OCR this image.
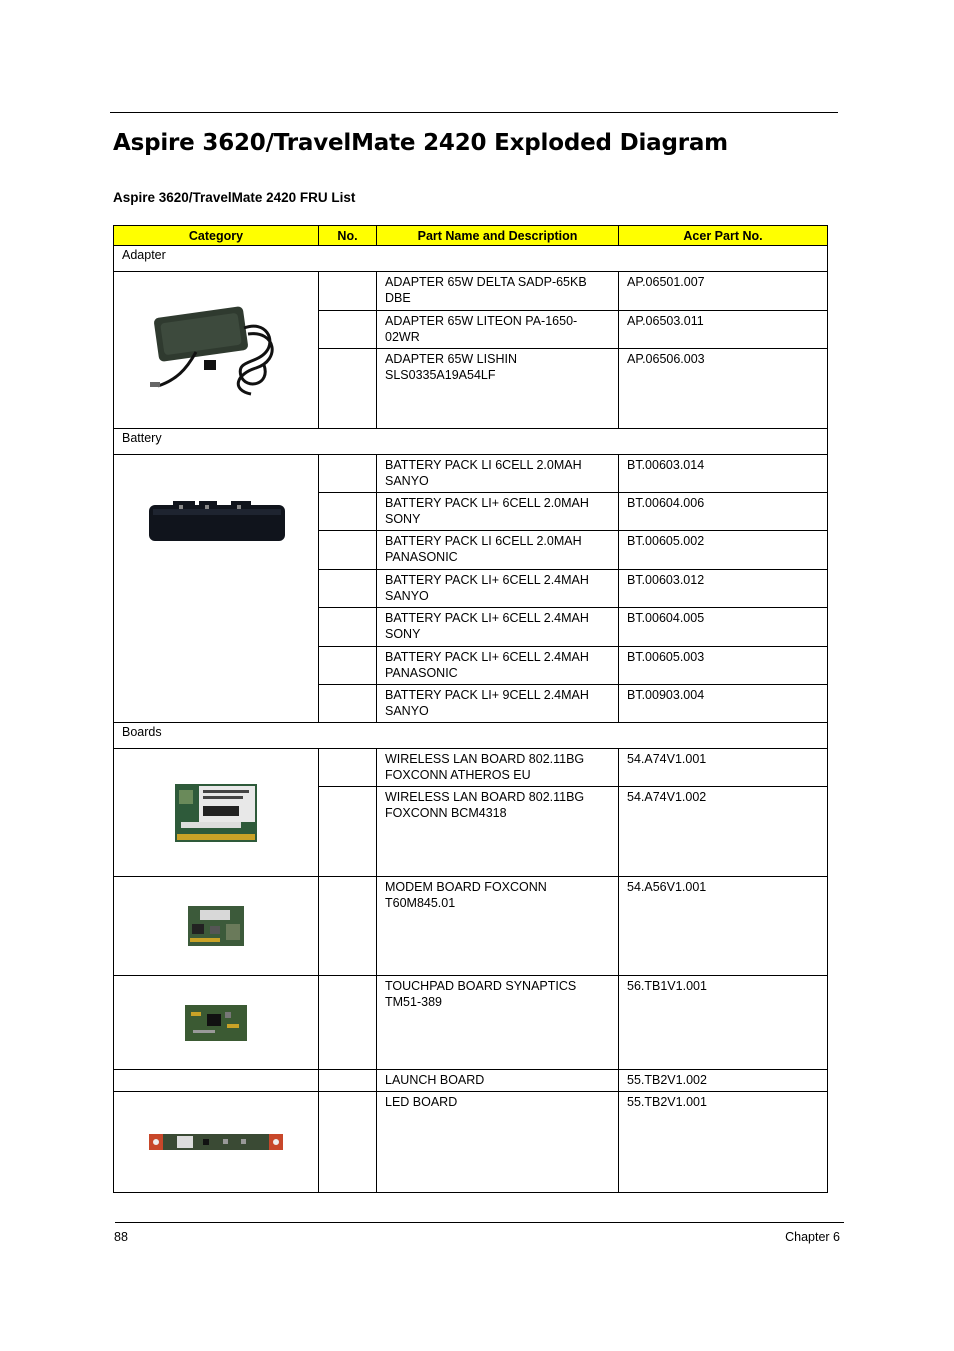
Aspire 3620/TravelMate 2420 Exploded Diagram
Aspire 3620/TravelMate 2420 FRU List
Category	No.	Part Name and Description	Acer Part No.
Adapter			

		ADAPTER 65W DELTA SADP-65KB DBE	AP.06501.007
		ADAPTER 65W LITEON PA-1650-02WR	AP.06503.011
		ADAPTER 65W LISHIN SLS0335A19A54LF	AP.06506.003
Battery			

		BATTERY PACK LI 6CELL 2.0MAH SANYO	BT.00603.014
		BATTERY PACK LI+ 6CELL 2.0MAH SONY	BT.00604.006
		BATTERY PACK LI 6CELL 2.0MAH PANASONIC	BT.00605.002
		BATTERY PACK LI+ 6CELL 2.4MAH SANYO	BT.00603.012
		BATTERY PACK LI+ 6CELL 2.4MAH SONY	BT.00604.005
		BATTERY PACK LI+ 6CELL 2.4MAH PANASONIC	BT.00605.003
		BATTERY PACK LI+ 9CELL 2.4MAH SANYO	BT.00903.004
Boards			

		WIRELESS LAN BOARD 802.11BG FOXCONN ATHEROS EU	54.A74V1.001
		WIRELESS LAN BOARD 802.11BG FOXCONN BCM4318	54.A74V1.002

		MODEM BOARD FOXCONN T60M845.01	54.A56V1.001

		TOUCHPAD BOARD SYNAPTICS TM51-389	56.TB1V1.001
		LAUNCH BOARD	55.TB2V1.002

		LED BOARD	55.TB2V1.001
88	Chapter 6
